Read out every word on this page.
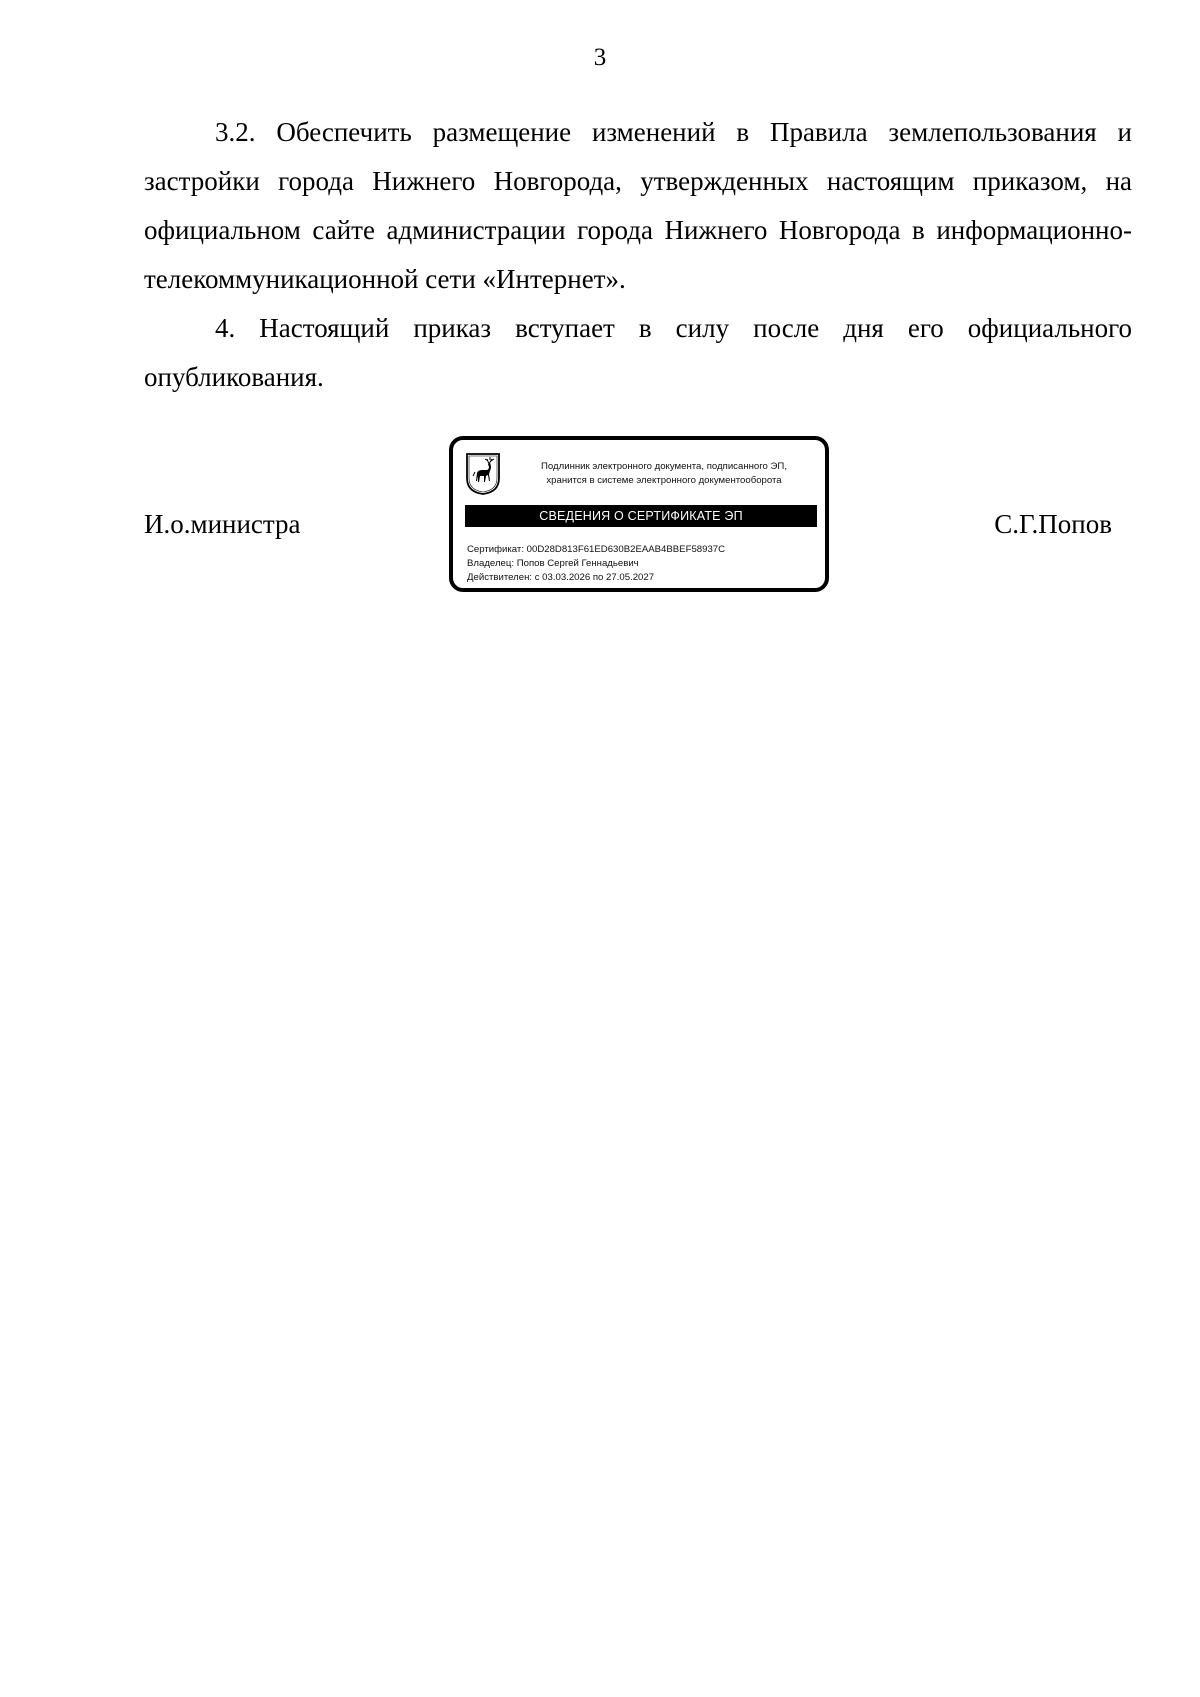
3

3.2. Обеспечить размещение изменений в Правила землепользования и застройки города Нижнего Новгорода, утвержденных настоящим приказом, на официальном сайте администрации города Нижнего Новгорода в информационно-телекоммуникационной сети «Интернет».

4. Настоящий приказ вступает в силу после дня его официального опубликования.

И.о.министра	С.Г.Попов
Подлинник электронного документа, подписанного ЭП,
хранится в системе электронного документооборота
СВЕДЕНИЯ О СЕРТИФИКАТЕ ЭП
Сертификат: 00D28D813F61ED630B2EAAB4BBEF58937C
Владелец: Попов Сергей Геннадьевич
Действителен: с 03.03.2026 по 27.05.2027
